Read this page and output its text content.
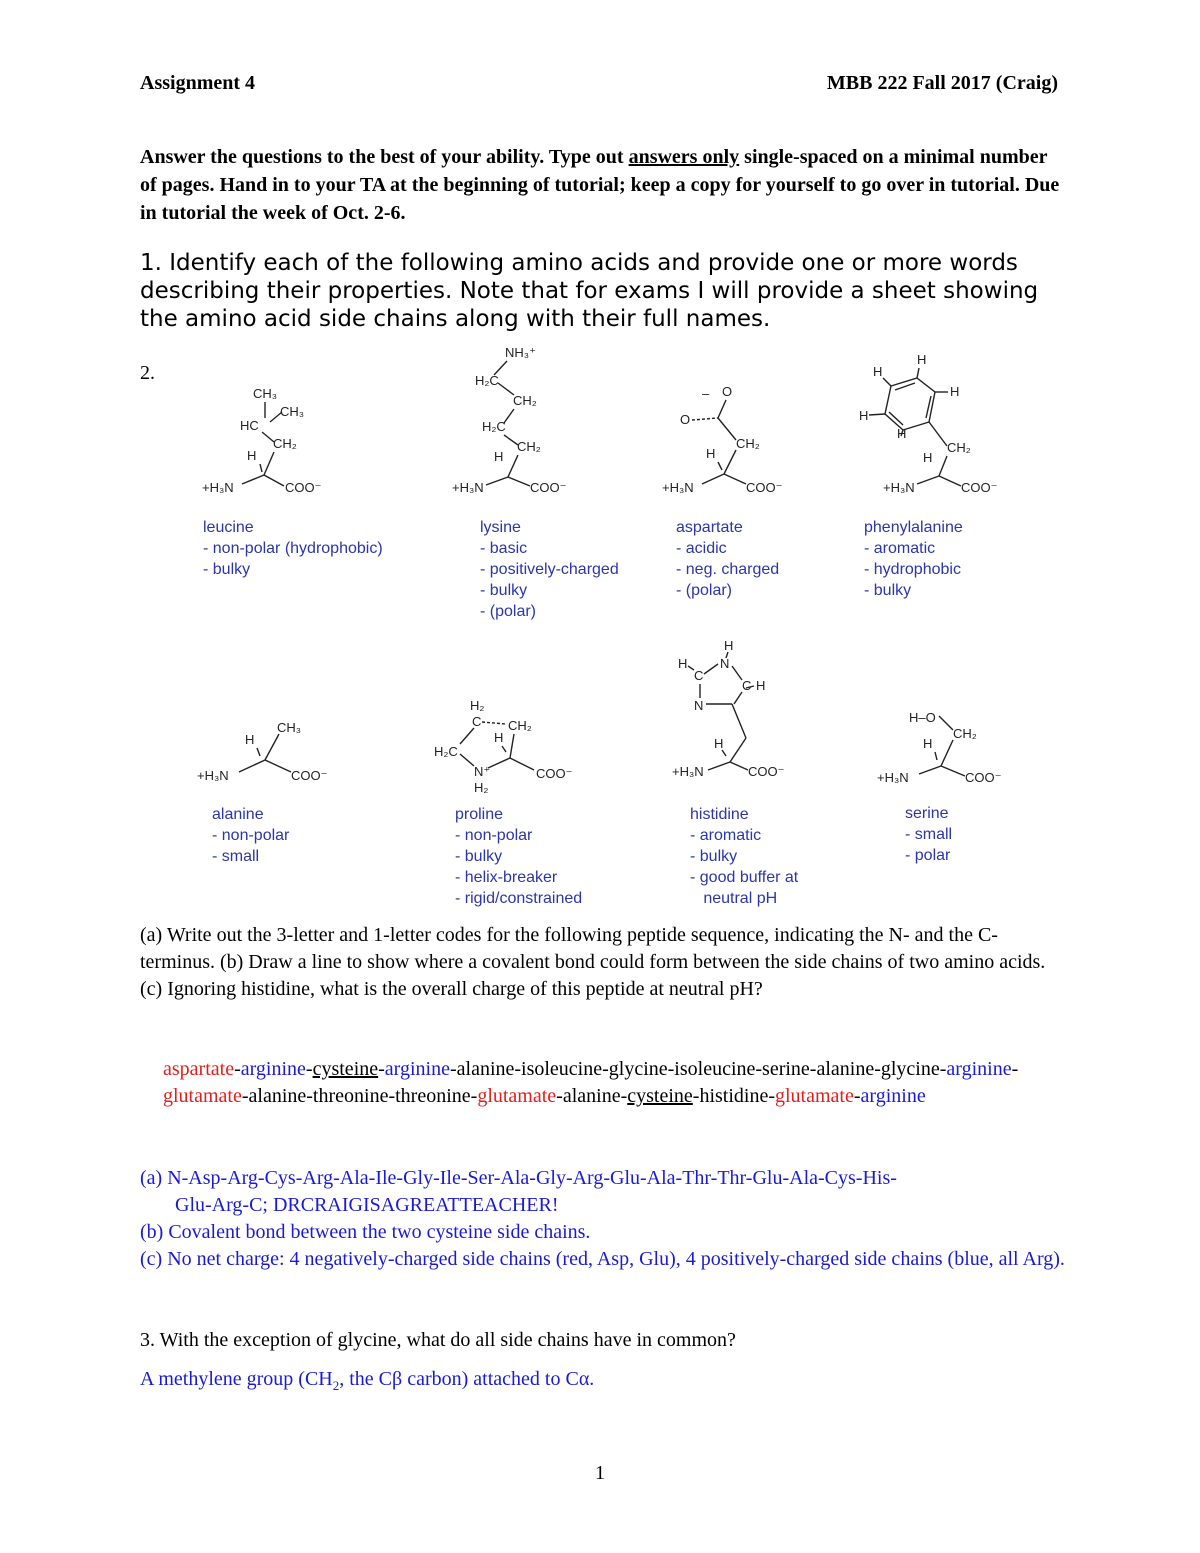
Assignment 4	MBB 222 Fall 2017 (Craig)
Answer the questions to the best of your ability. Type out answers only single-spaced on a minimal number of pages. Hand in to your TA at the beginning of tutorial; keep a copy for yourself to go over in tutorial. Due in tutorial the week of Oct. 2-6.
1. Identify each of the following amino acids and provide one or more words describing their properties. Note that for exams I will provide a sheet showing the amino acid side chains along with their full names.
2.
CH₃
CH₃
HC
CH₂
H
+H₃N	COO⁻
NH₃⁺
H₂C
CH₂
H₂C
CH₂
H
+H₃N	COO⁻
– O
O
CH₂
H
+H₃N	COO⁻
H
H
H
H
H
CH₂
H
+H₃N	COO⁻
leucine
- non-polar (hydrophobic)
- bulky
lysine
- basic
- positively-charged
- bulky
- (polar)
aspartate
- acidic
- neg. charged
- (polar)
phenylalanine
- aromatic
- hydrophobic
- bulky
CH₃
H
+H₃N	COO⁻
H₂
C CH₂
H
H₂C
N⁺
H₂
COO⁻
H
N
H
C
C H
N
H
+H₃N	COO⁻
H–O
CH₂
H
+H₃N	COO⁻
alanine
- non-polar
- small
proline
- non-polar
- bulky
- helix-breaker
- rigid/constrained
histidine
- aromatic
- bulky
- good buffer at
neutral pH
serine
- small
- polar
(a) Write out the 3-letter and 1-letter codes for the following peptide sequence, indicating the N- and the C-terminus. (b) Draw a line to show where a covalent bond could form between the side chains of two amino acids. (c) Ignoring histidine, what is the overall charge of this peptide at neutral pH?
aspartate-arginine-cysteine-arginine-alanine-isoleucine-glycine-isoleucine-serine-alanine-glycine-arginine-glutamate-alanine-threonine-threonine-glutamate-alanine-cysteine-histidine-glutamate-arginine
(a) N-Asp-Arg-Cys-Arg-Ala-Ile-Gly-Ile-Ser-Ala-Gly-Arg-Glu-Ala-Thr-Thr-Glu-Ala-Cys-His-
Glu-Arg-C; DRCRAIGISAGREATTEACHER!
(b) Covalent bond between the two cysteine side chains.
(c) No net charge: 4 negatively-charged side chains (red, Asp, Glu), 4 positively-charged side chains (blue, all Arg).
3. With the exception of glycine, what do all side chains have in common?
A methylene group ($CH_2$, the Cβ carbon) attached to Cα.
1
